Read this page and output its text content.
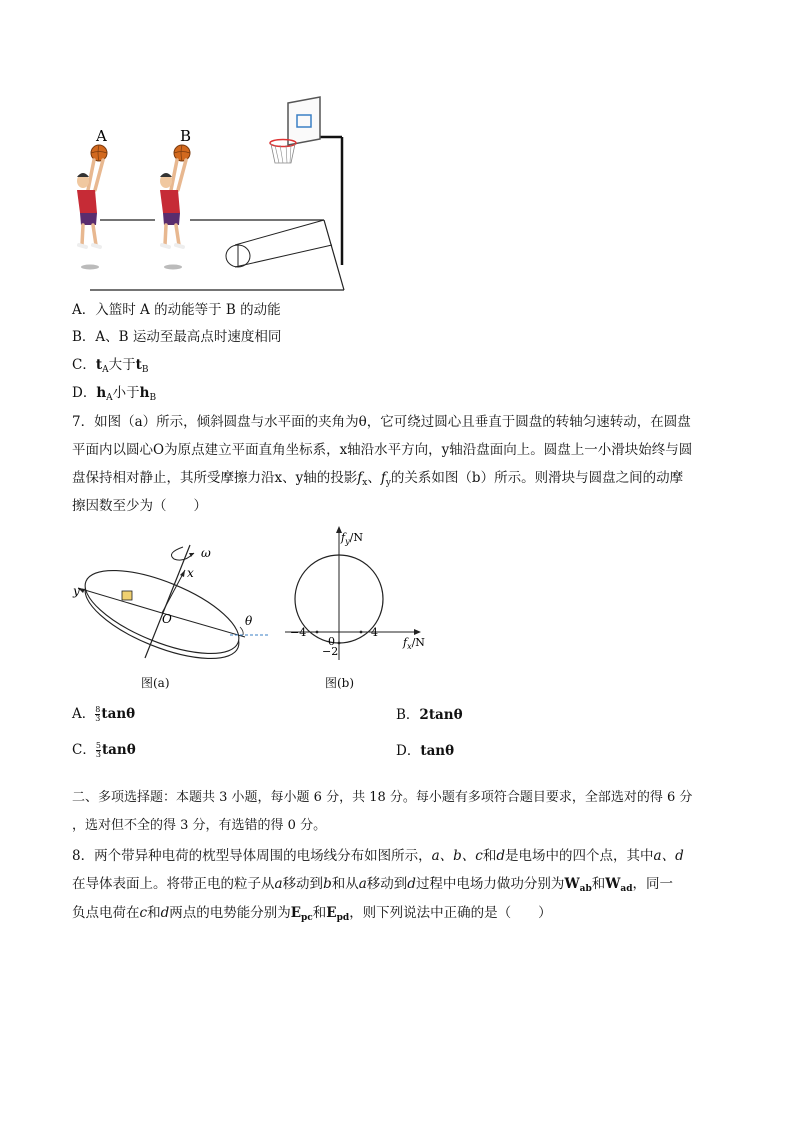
A	B
A．入篮时 A 的动能等于 B 的动能
B．A、B 运动至最高点时速度相同
C．$t_A$大于$t_B$
D．$h_A$小于$h_B$
7．如图（a）所示，倾斜圆盘与水平面的夹角为θ，它可绕过圆心且垂直于圆盘的转轴匀速转动，在圆盘
平面内以圆心O为原点建立平面直角坐标系，x轴沿水平方向，y轴沿盘面向上。圆盘上一小滑块始终与圆
盘保持相对静止，其所受摩擦力沿x、y轴的投影$f_x$、$f_y$的关系如图（b）所示。则滑块与圆盘之间的动摩
擦因数至少为（　　）
ω
x
y
O	θ
图(a)
$f_y/N$
$f_x/N$
−4
0
4
−2
图(b)
A． $\frac{8}{3}$ tanθ	B．2tanθ
C． $\frac{5}{3}$ tanθ	D．tanθ
二、多项选择题：本题共 3 小题，每小题 6 分，共 18 分。每小题有多项符合题目要求，全部选对的得 6 分
，选对但不全的得 3 分，有选错的得 0 分。
8．两个带异种电荷的枕型导体周围的电场线分布如图所示，a、b、c和d是电场中的四个点，其中a、d
在导体表面上。将带正电的粒子从a移动到b和从a移动到d过程中电场力做功分别为$W_{ab}$和$W_{ad}$，同一
负点电荷在c和d两点的电势能分别为$E_{pc}$和$E_{pd}$，则下列说法中正确的是（　　）
